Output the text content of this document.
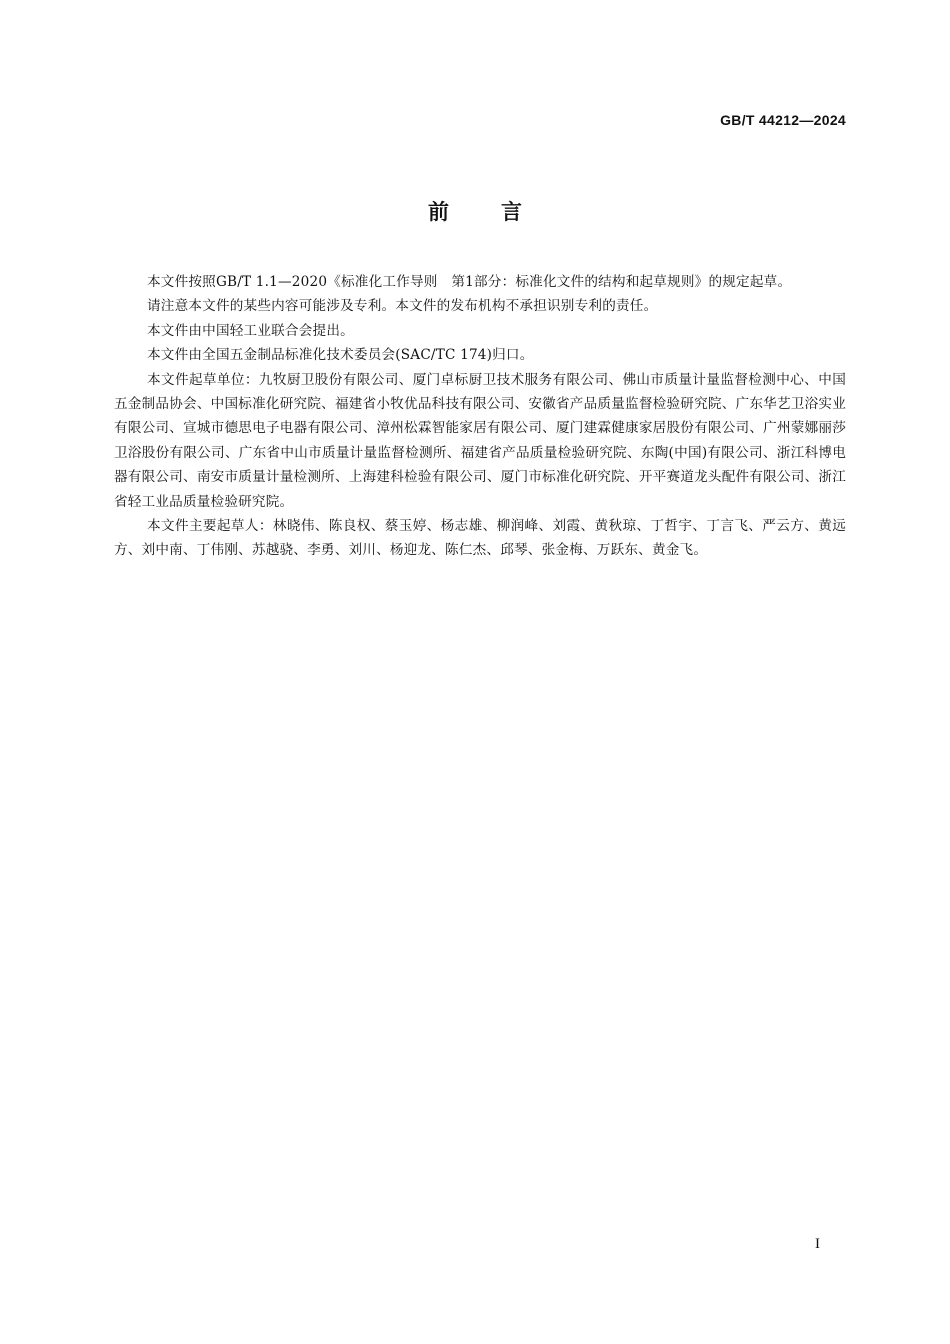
GB/T 44212—2024
前言

本文件按照GB/T 1.1—2020《标准化工作导则　第1部分：标准化文件的结构和起草规则》的规定起草。

请注意本文件的某些内容可能涉及专利。本文件的发布机构不承担识别专利的责任。

本文件由中国轻工业联合会提出。

本文件由全国五金制品标准化技术委员会(SAC/TC 174)归口。

本文件起草单位：九牧厨卫股份有限公司、厦门卓标厨卫技术服务有限公司、佛山市质量计量监督检测中心、中国五金制品协会、中国标准化研究院、福建省小牧优品科技有限公司、安徽省产品质量监督检验研究院、广东华艺卫浴实业有限公司、宣城市德思电子电器有限公司、漳州松霖智能家居有限公司、厦门建霖健康家居股份有限公司、广州蒙娜丽莎卫浴股份有限公司、广东省中山市质量计量监督检测所、福建省产品质量检验研究院、东陶(中国)有限公司、浙江科博电器有限公司、南安市质量计量检测所、上海建科检验有限公司、厦门市标准化研究院、开平赛道龙头配件有限公司、浙江省轻工业品质量检验研究院。

本文件主要起草人：林晓伟、陈良权、蔡玉婷、杨志雄、柳润峰、刘霞、黄秋琼、丁哲宇、丁言飞、严云方、黄远方、刘中南、丁伟刚、苏越骁、李勇、刘川、杨迎龙、陈仁杰、邱琴、张金梅、万跃东、黄金飞。

I
